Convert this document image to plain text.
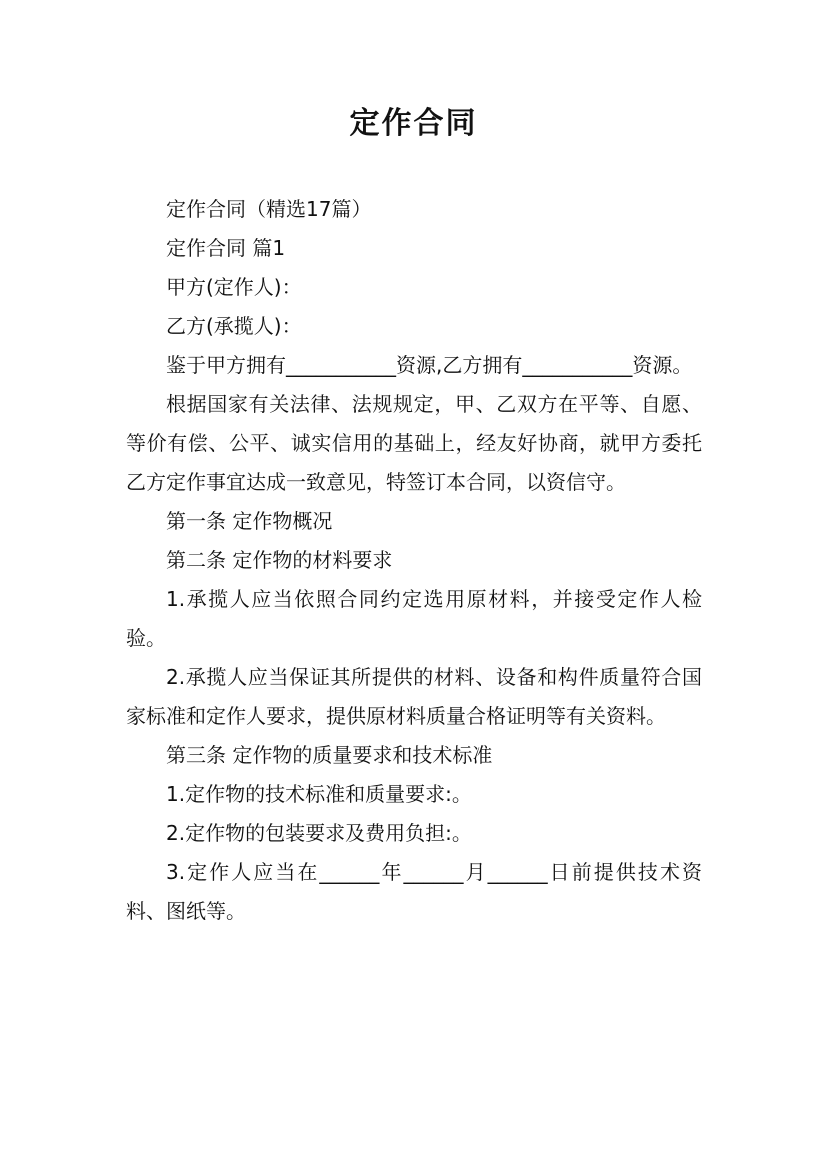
定作合同

定作合同（精选17篇）

定作合同 篇1

甲方(定作人)：

乙方(承揽人)：

鉴于甲方拥有___________资源,乙方拥有___________资源。

根据国家有关法律、法规规定，甲、乙双方在平等、自愿、等价有偿、公平、诚实信用的基础上，经友好协商，就甲方委托乙方定作事宜达成一致意见，特签订本合同，以资信守。

第一条 定作物概况

第二条 定作物的材料要求

1.承揽人应当依照合同约定选用原材料，并接受定作人检验。

2.承揽人应当保证其所提供的材料、设备和构件质量符合国家标准和定作人要求，提供原材料质量合格证明等有关资料。

第三条 定作物的质量要求和技术标准

1.定作物的技术标准和质量要求:。

2.定作物的包装要求及费用负担:。

3.定作人应当在______年______月______日前提供技术资料、图纸等。
